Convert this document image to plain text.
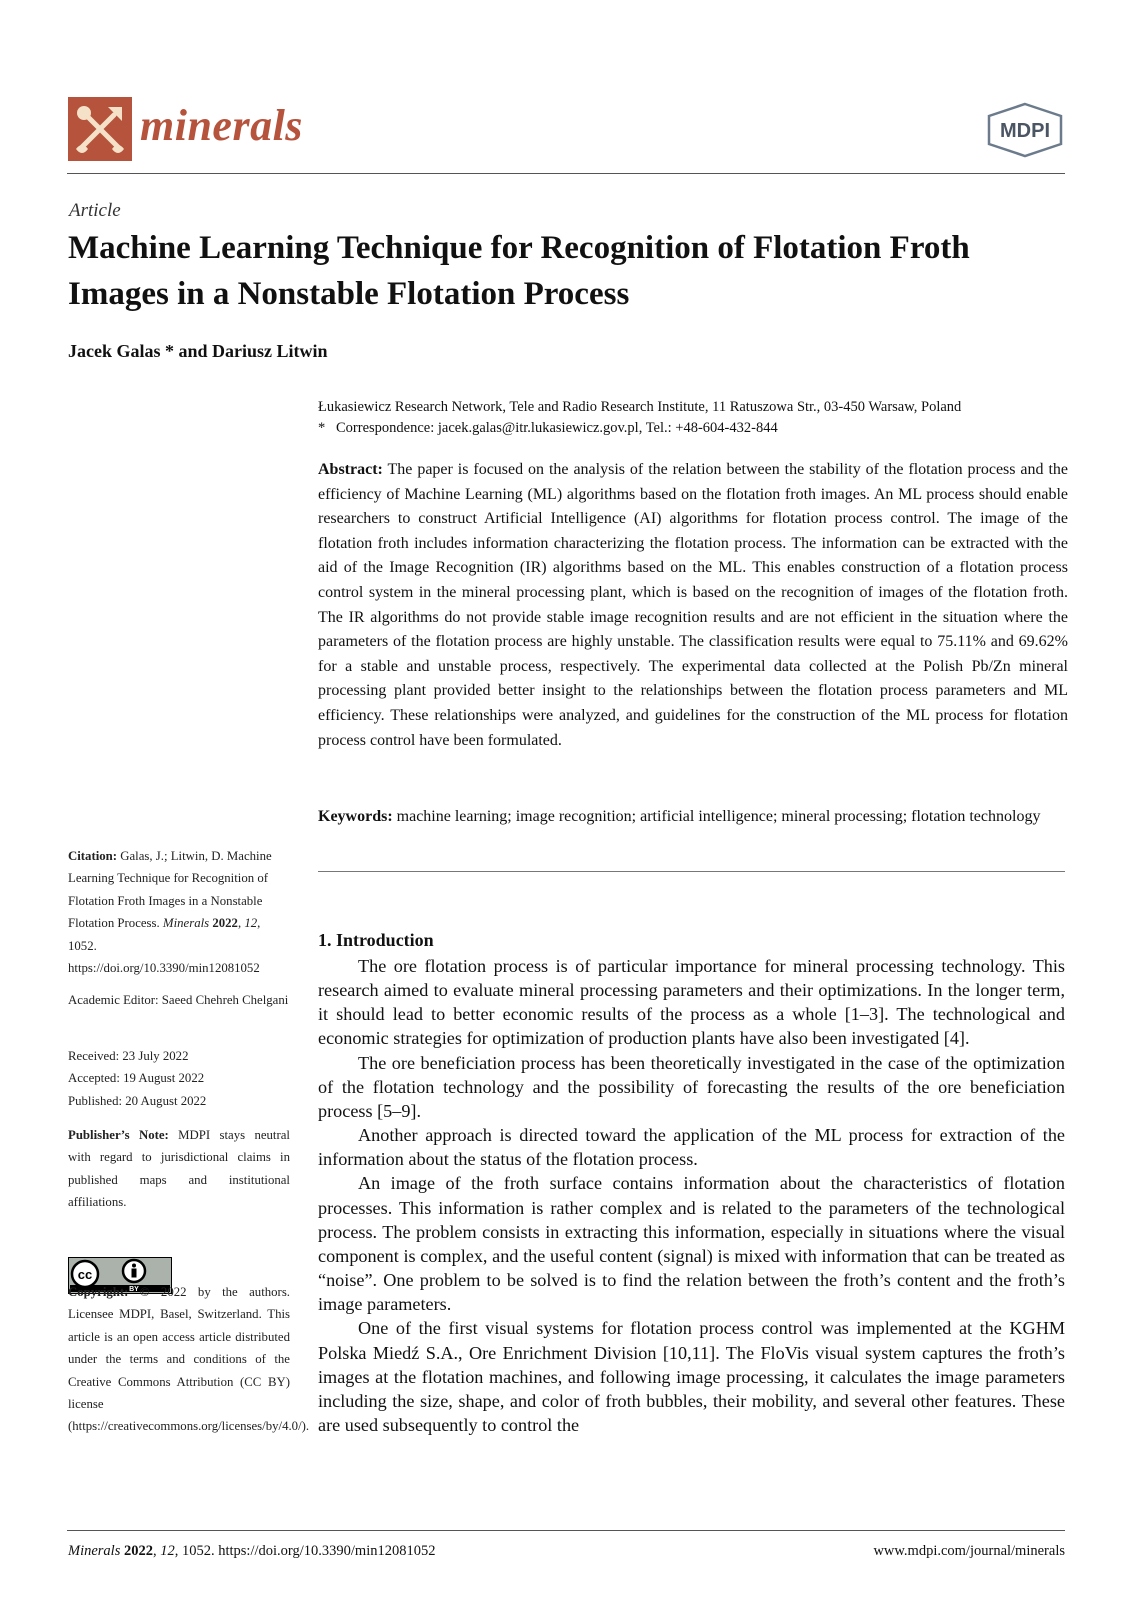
minerals	MDPI
Article
Machine Learning Technique for Recognition of Flotation Froth Images in a Nonstable Flotation Process
Jacek Galas * and Dariusz Litwin

Łukasiewicz Research Network, Tele and Radio Research Institute, 11 Ratuszowa Str., 03-450 Warsaw, Poland

* Correspondence: jacek.galas@itr.lukasiewicz.gov.pl, Tel.: +48-604-432-844

Abstract: The paper is focused on the analysis of the relation between the stability of the flotation process and the efficiency of Machine Learning (ML) algorithms based on the flotation froth images. An ML process should enable researchers to construct Artificial Intelligence (AI) algorithms for flotation process control. The image of the flotation froth includes information characterizing the flotation process. The information can be extracted with the aid of the Image Recognition (IR) algorithms based on the ML. This enables construction of a flotation process control system in the mineral processing plant, which is based on the recognition of images of the flotation froth. The IR algorithms do not provide stable image recognition results and are not efficient in the situation where the parameters of the flotation process are highly unstable. The classification results were equal to 75.11% and 69.62% for a stable and unstable process, respectively. The experimental data collected at the Polish Pb/Zn mineral processing plant provided better insight to the relationships between the flotation process parameters and ML efficiency. These relationships were analyzed, and guidelines for the construction of the ML process for flotation process control have been formulated.

Keywords: machine learning; image recognition; artificial intelligence; mineral processing; flotation technology

Citation: Galas, J.; Litwin, D. Machine Learning Technique for Recognition of Flotation Froth Images in a Nonstable Flotation Process. Minerals 2022, 12, 1052. https://doi.org/10.3390/min12081052

Academic Editor: Saeed Chehreh Chelgani
Received: 23 July 2022
Accepted: 19 August 2022
Published: 20 August 2022

Publisher’s Note: MDPI stays neutral with regard to jurisdictional claims in published maps and institutional affiliations.

cc
BY

Copyright: © 2022 by the authors. Licensee MDPI, Basel, Switzerland. This article is an open access article distributed under the terms and conditions of the Creative Commons Attribution (CC BY) license (https://creativecommons.org/licenses/by/4.0/).

1. Introduction

The ore flotation process is of particular importance for mineral processing technology. This research aimed to evaluate mineral processing parameters and their optimizations. In the longer term, it should lead to better economic results of the process as a whole [1–3]. The technological and economic strategies for optimization of production plants have also been investigated [4].

The ore beneficiation process has been theoretically investigated in the case of the optimization of the flotation technology and the possibility of forecasting the results of the ore beneficiation process [5–9].

Another approach is directed toward the application of the ML process for extraction of the information about the status of the flotation process.

An image of the froth surface contains information about the characteristics of flotation processes. This information is rather complex and is related to the parameters of the technological process. The problem consists in extracting this information, especially in situations where the visual component is complex, and the useful content (signal) is mixed with information that can be treated as “noise”. One problem to be solved is to find the relation between the froth’s content and the froth’s image parameters.

One of the first visual systems for flotation process control was implemented at the KGHM Polska Miedź S.A., Ore Enrichment Division [10,11]. The FloVis visual system captures the froth’s images at the flotation machines, and following image processing, it calculates the image parameters including the size, shape, and color of froth bubbles, their mobility, and several other features. These are used subsequently to control the

Minerals 2022, 12, 1052. https://doi.org/10.3390/min12081052	www.mdpi.com/journal/minerals
